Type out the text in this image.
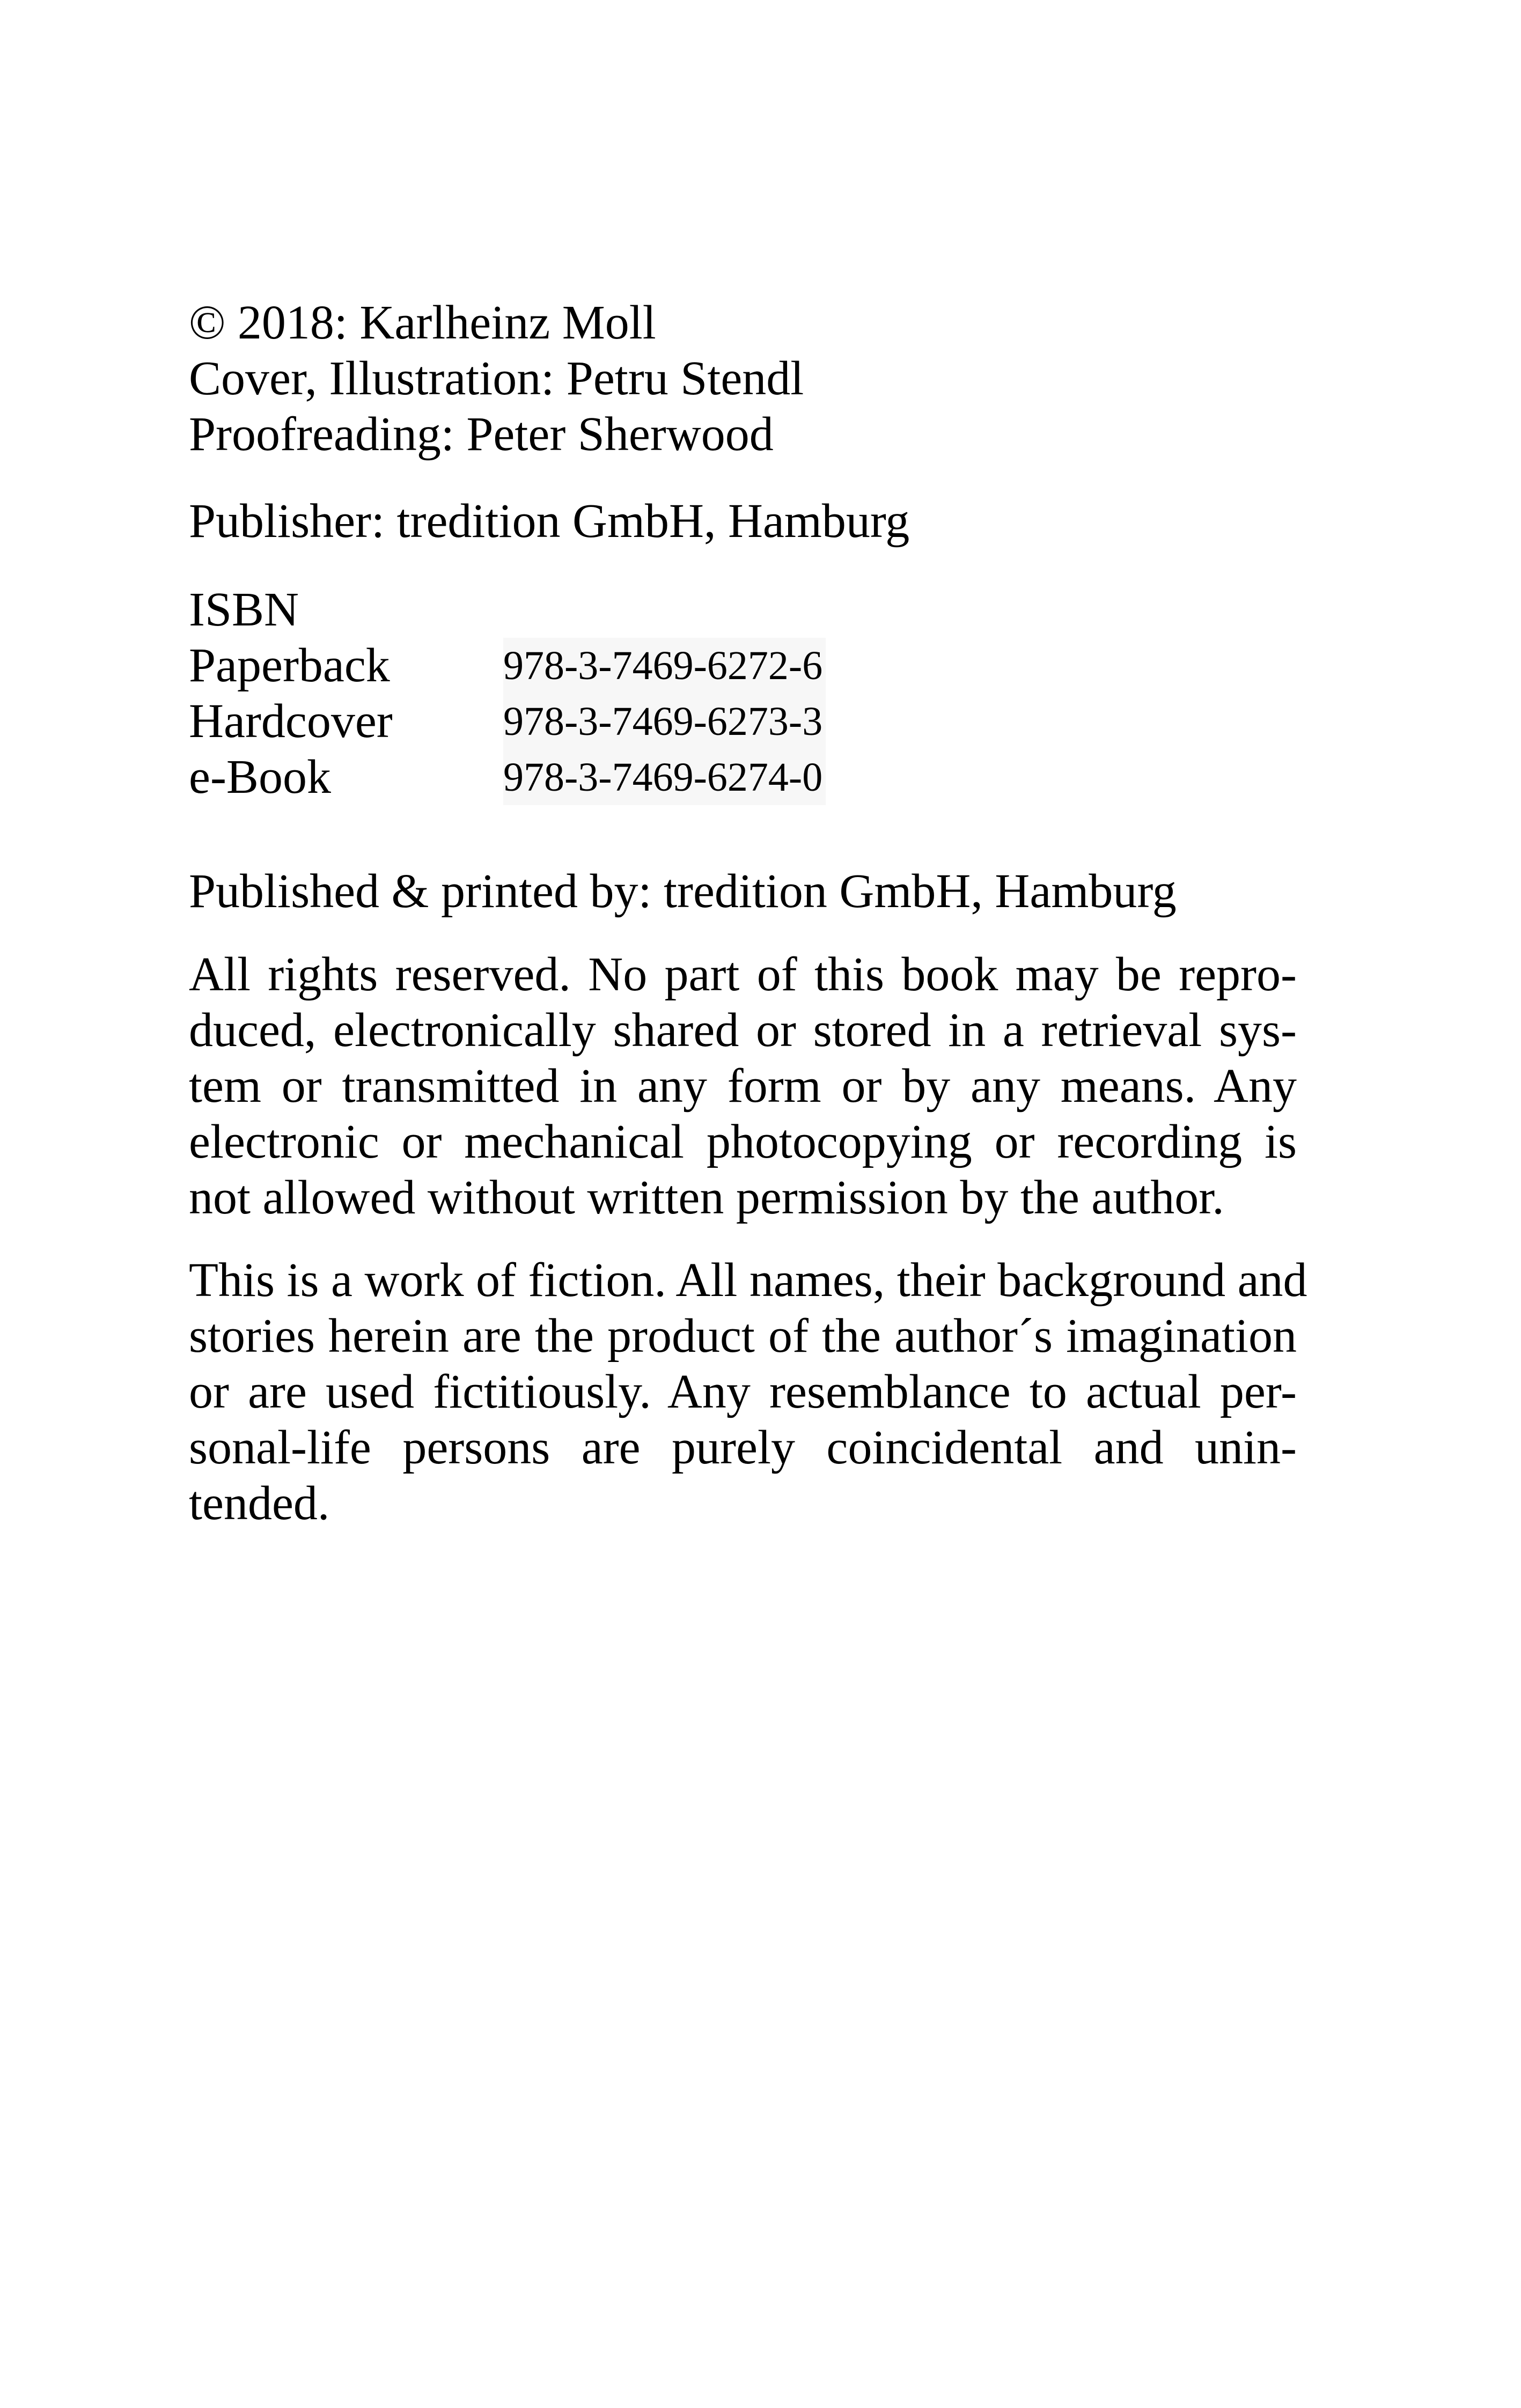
© 2018: Karlheinz Moll
Cover, Illustration: Petru Stendl
Proofreading: Peter Sherwood
Publisher: tredition GmbH, Hamburg
ISBN
Paperback	978-3-7469-6272-6
Hardcover	978-3-7469-6273-3
e-Book	978-3-7469-6274-0
Published & printed by: tredition GmbH, Hamburg
All rights reserved. No part of this book may be repro-
duced, electronically shared or stored in a retrieval sys-
tem or transmitted in any form or by any means. Any
electronic or mechanical photocopying or recording is
not allowed without written permission by the author.
This is a work of fiction. All names, their background and
stories herein are the product of the author´s imagination
or are used fictitiously. Any resemblance to actual per-
sonal-life persons are purely coincidental and unin-
tended.
